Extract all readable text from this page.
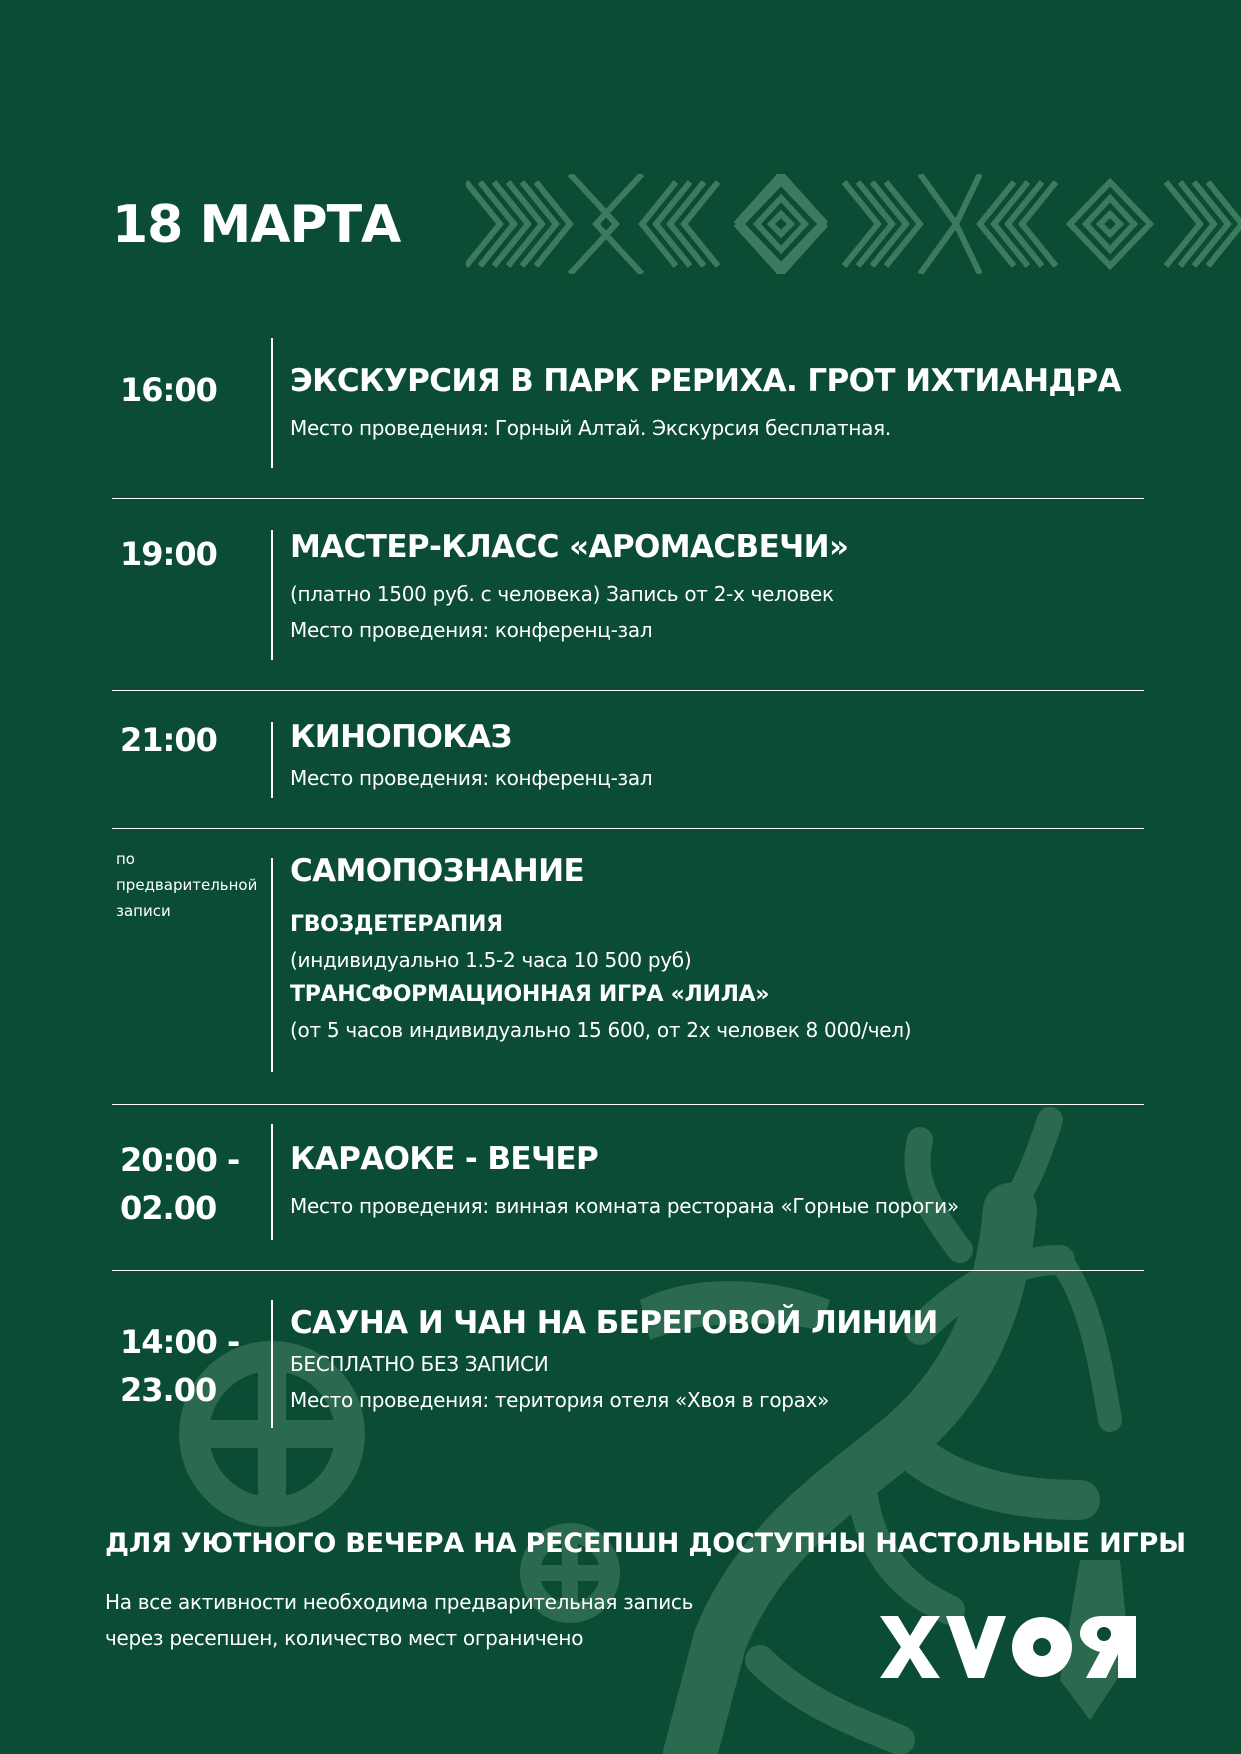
18 МАРТА
16:00 ЭКСКУРСИЯ В ПАРК РЕРИХА. ГРОТ ИХТИАНДРА
Место проведения: Горный Алтай. Экскурсия бесплатная.
19:00 МАСТЕР-КЛАСС «АРОМАСВЕЧИ»
(платно 1500 руб. с человека) Запись от 2-х человек
Место проведения: конференц-зал
21:00 КИНОПОКАЗ
Место проведения: конференц-зал
по
предварительной
записи
САМОПОЗНАНИЕ
ГВОЗДЕТЕРАПИЯ
(индивидуально 1.5-2 часа 10 500 руб)
ТРАНСФОРМАЦИОННАЯ ИГРА «ЛИЛА»
(от 5 часов индивидуально 15 600, от 2х человек 8 000/чел)
20:00 -
02.00
КАРАОКЕ - ВЕЧЕР
Место проведения: винная комната ресторана «Горные пороги»
14:00 -
23.00
САУНА И ЧАН НА БЕРЕГОВОЙ ЛИНИИ
БЕСПЛАТНО БЕЗ ЗАПИСИ
Место проведения: територия отеля «Хвоя в горах»
ДЛЯ УЮТНОГО ВЕЧЕРА НА РЕСЕПШН ДОСТУПНЫ НАСТОЛЬНЫЕ ИГРЫ
На все активности необходима предварительная запись
через ресепшен, количество мест ограничено
